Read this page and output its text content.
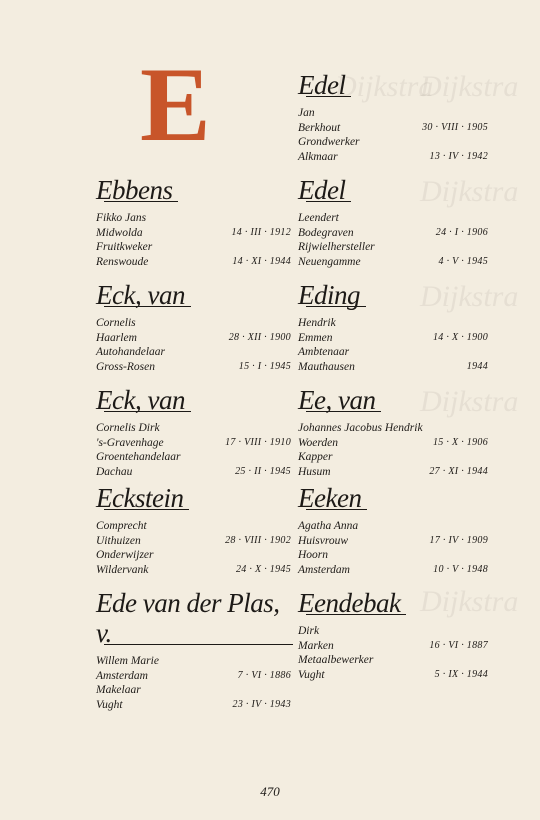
Dijkstra
Dijkstra
Dijkstra
Dijkstra
Dijkstra
Dijkstra
E
Ebbens
Fikko Jans
Midwolda	14 · III · 1912
Fruitkweker
Renswoude	14 · XI · 1944
Eck, van
Cornelis
Haarlem	28 · XII · 1900
Autohandelaar
Gross-Rosen	15 · I · 1945
Eck, van
Cornelis Dirk
's-Gravenhage	17 · VIII · 1910
Groentehandelaar
Dachau	25 · II · 1945
Eckstein
Comprecht
Uithuizen	28 · VIII · 1902
Onderwijzer
Wildervank	24 · X · 1945
Ede van der Plas, v.
Willem Marie
Amsterdam	7 · VI · 1886
Makelaar
Vught	23 · IV · 1943
Edel
Jan
Berkhout	30 · VIII · 1905
Grondwerker
Alkmaar	13 · IV · 1942
Edel
Leendert
Bodegraven	24 · I · 1906
Rijwielhersteller
Neuengamme	4 · V · 1945
Eding
Hendrik
Emmen	14 · X · 1900
Ambtenaar
Mauthausen	1944
Ee, van
Johannes Jacobus Hendrik
Woerden	15 · X · 1906
Kapper
Husum	27 · XI · 1944
Eeken
Agatha Anna
Huisvrouw	17 · IV · 1909
Hoorn
Amsterdam	10 · V · 1948
Eendebak
Dirk
Marken	16 · VI · 1887
Metaalbewerker
Vught	5 · IX · 1944
470
